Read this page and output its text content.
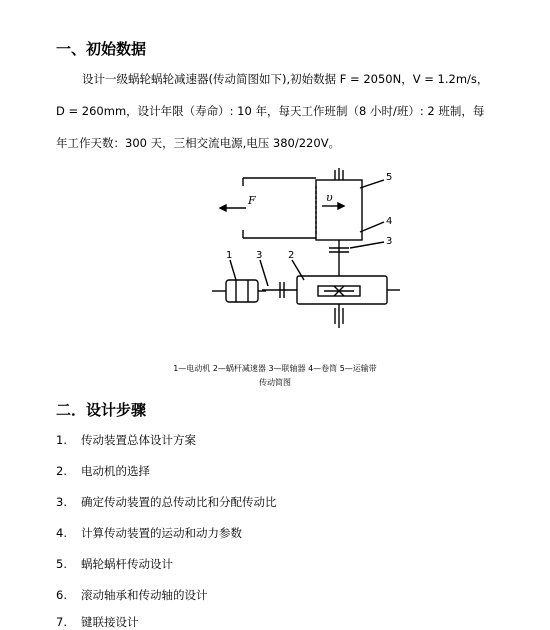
一、初始数据

设计一级蜗轮蜗轮减速器(传动简图如下),初始数据 F = 2050N，V = 1.2m/s，

D = 260mm，设计年限（寿命）: 10 年，每天工作班制（8 小时/班）: 2 班制，每

年工作天数：300 天，三相交流电源,电压 380/220V。

F	υ
1 3	2
5
4
3

1—电动机 2—蜗杆减速器 3—联轴器 4—卷筒 5—运输带

传动简图

二．设计步骤

1. 传动装置总体设计方案

2. 电动机的选择

3. 确定传动装置的总传动比和分配传动比

4. 计算传动装置的运动和动力参数

5. 蜗轮蜗杆传动设计

6. 滚动轴承和传动轴的设计

7. 键联接设计
